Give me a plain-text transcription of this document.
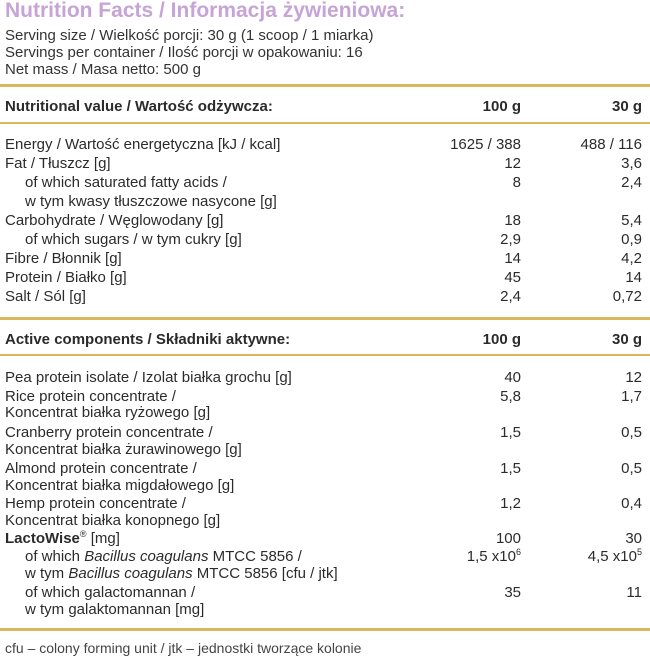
Nutrition Facts / Informacja żywieniowa:
Serving size / Wielkość porcji: 30 g (1 scoop / 1 miarka)
Servings per container / Ilość porcji w opakowaniu: 16
Net mass / Masa netto: 500 g
Nutritional value / Wartość odżywcza:	100 g	30 g
Energy / Wartość energetyczna [kJ / kcal]	1625 / 388	488 / 116
Fat / Tłuszcz [g]	12	3,6
of which saturated fatty acids /	8	2,4
w tym kwasy tłuszczowe nasycone [g]
Carbohydrate / Węglowodany [g]	18	5,4
of which sugars / w tym cukry [g]	2,9	0,9
Fibre / Błonnik [g]	14	4,2
Protein / Białko [g]	45	14
Salt / Sól [g]	2,4	0,72
Active components / Składniki aktywne:	100 g	30 g
Pea protein isolate / Izolat białka grochu [g]	40	12
Rice protein concentrate /	5,8	1,7
Koncentrat białka ryżowego [g]
Cranberry protein concentrate /	1,5	0,5
Koncentrat białka żurawinowego [g]
Almond protein concentrate /	1,5	0,5
Koncentrat białka migdałowego [g]
Hemp protein concentrate /	1,2	0,4
Koncentrat białka konopnego [g]
LactoWise® [mg]	100	30
of which Bacillus coagulans MTCC 5856 /	1,5 $x10^6$	4,5 $x10^5$
w tym Bacillus coagulans MTCC 5856 [cfu / jtk]
of which galactomannan /	35	11
w tym galaktomannan [mg]
cfu – colony forming unit / jtk – jednostki tworzące kolonie
